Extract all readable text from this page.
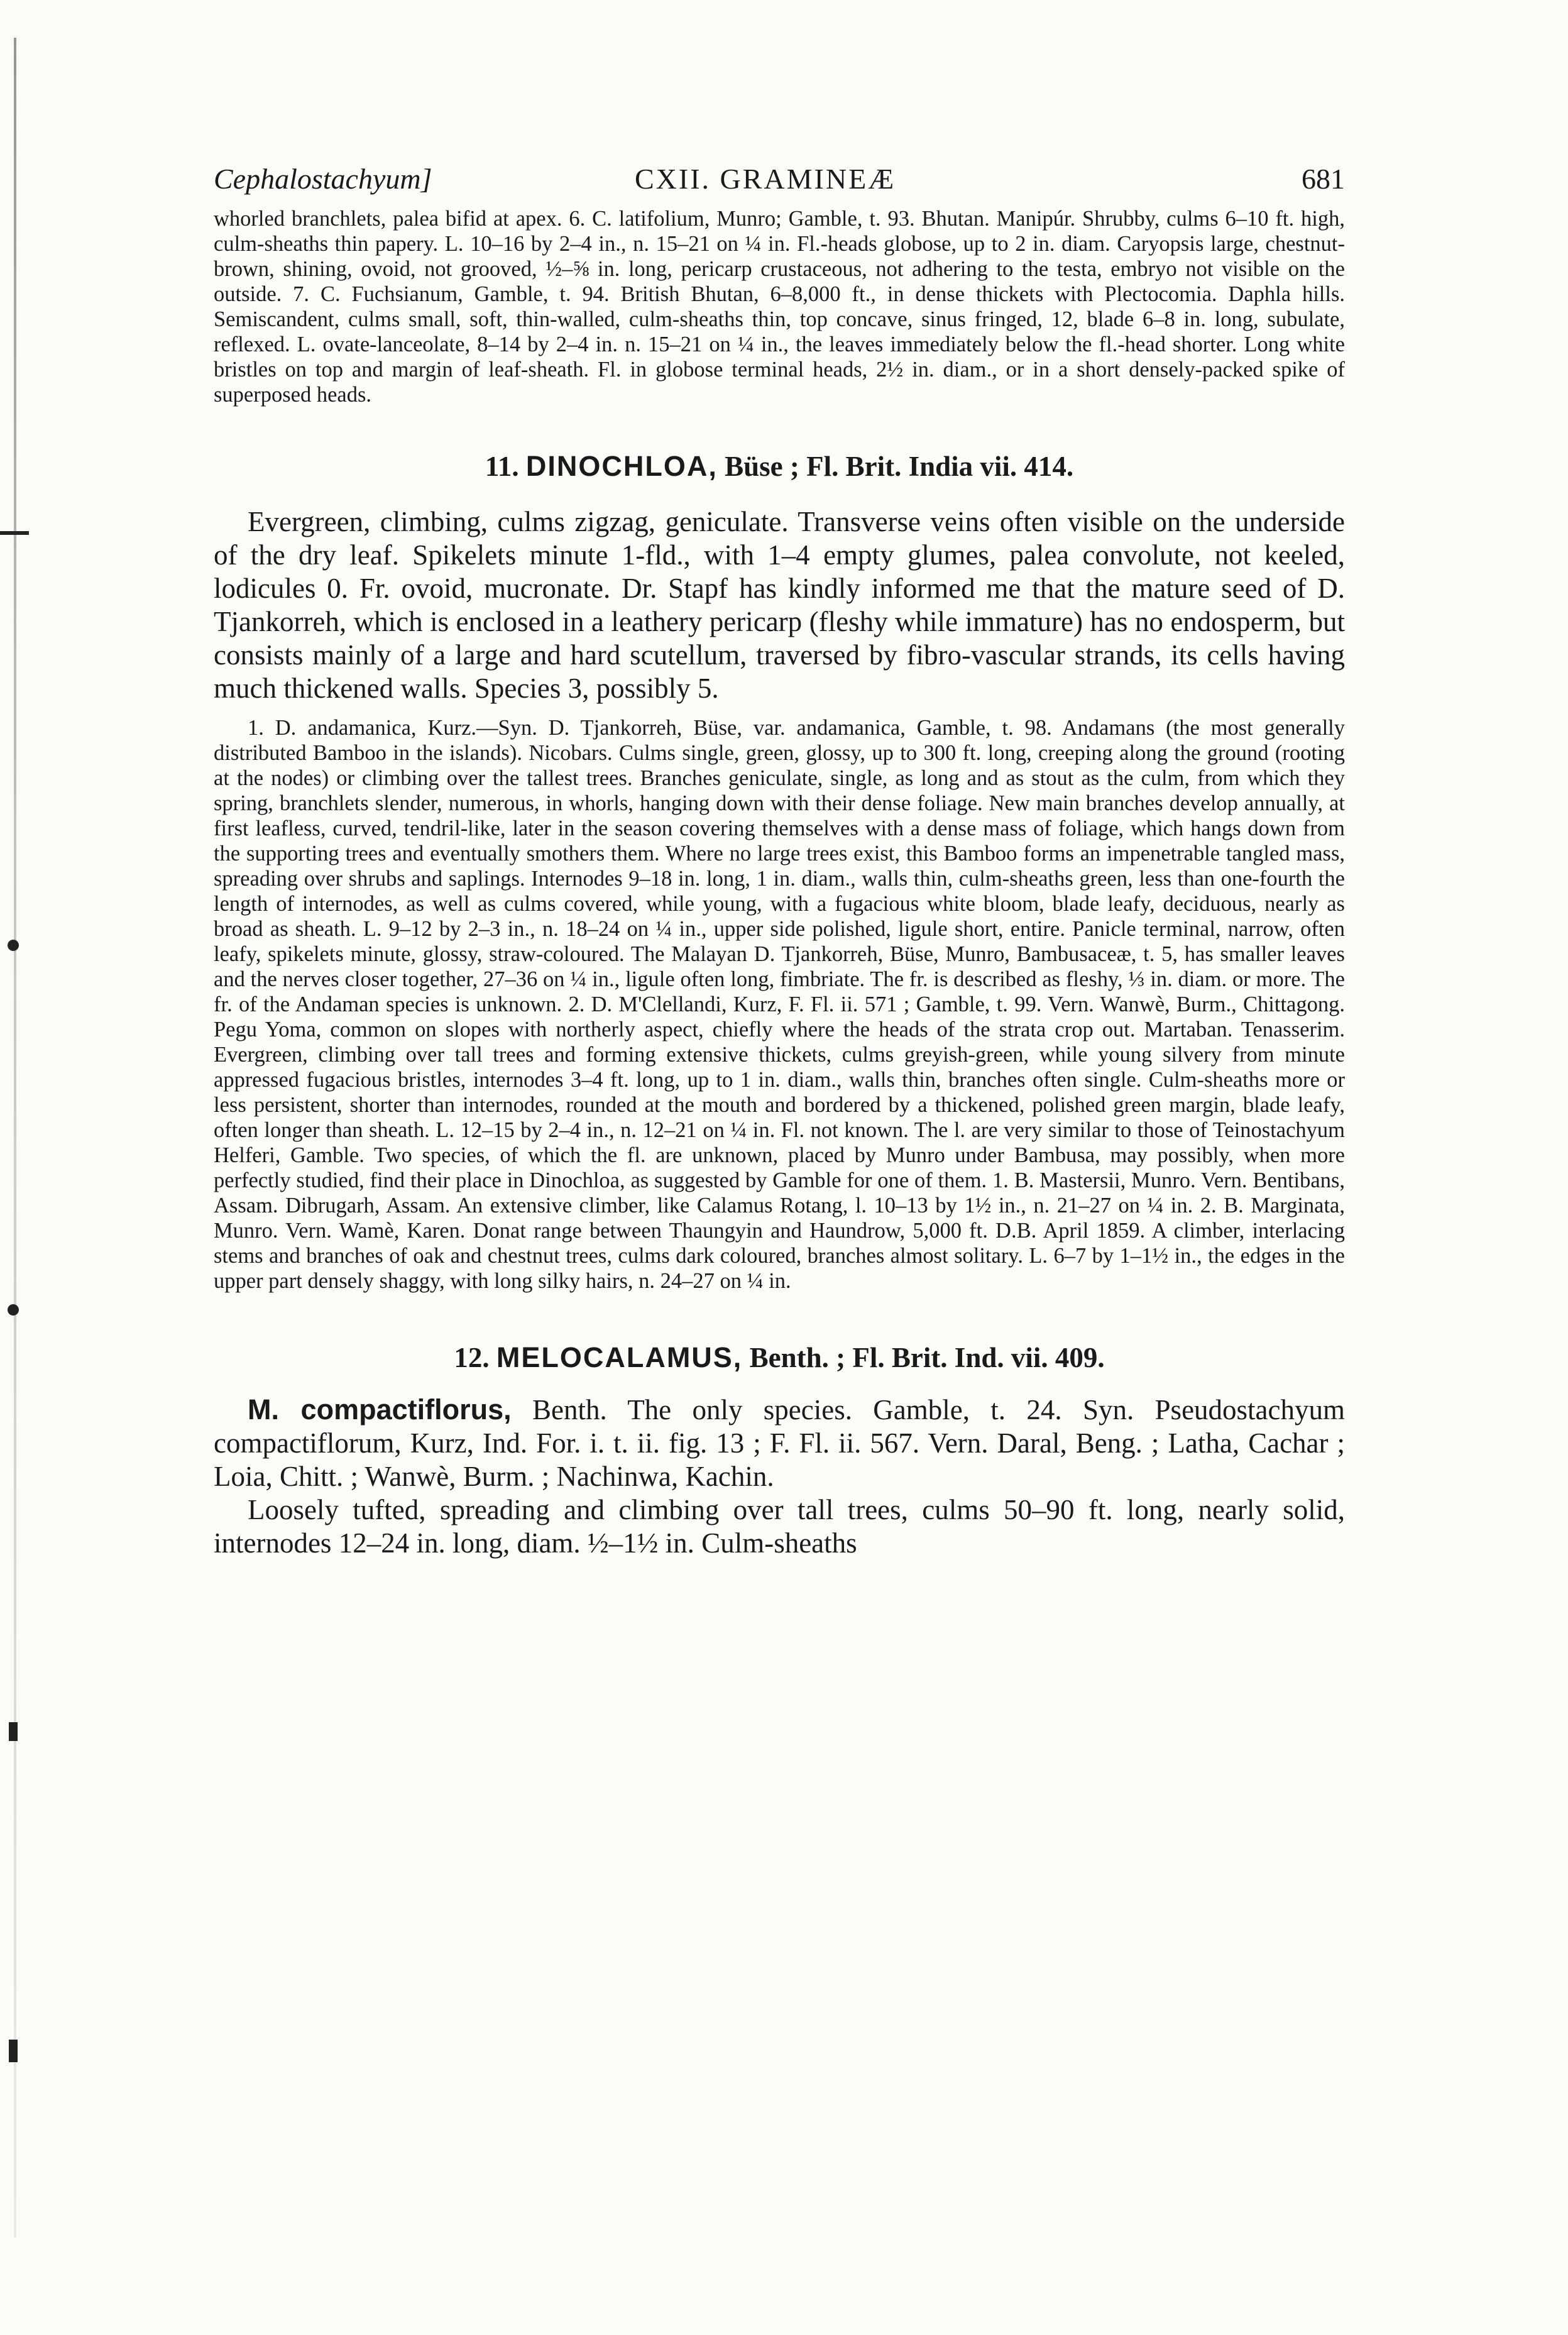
Cephalostachyum]	CXII. GRAMINEÆ	681

whorled branchlets, palea bifid at apex. 6. C. latifolium, Munro; Gamble, t. 93. Bhutan. Manipúr. Shrubby, culms 6–10 ft. high, culm-sheaths thin papery. L. 10–16 by 2–4 in., n. 15–21 on ¼ in. Fl.-heads globose, up to 2 in. diam. Caryopsis large, chestnut-brown, shining, ovoid, not grooved, ½–⅝ in. long, pericarp crustaceous, not adhering to the testa, embryo not visible on the outside. 7. C. Fuchsianum, Gamble, t. 94. British Bhutan, 6–8,000 ft., in dense thickets with Plectocomia. Daphla hills. Semiscandent, culms small, soft, thin-walled, culm-sheaths thin, top concave, sinus fringed, 12, blade 6–8 in. long, subulate, reflexed. L. ovate-lanceolate, 8–14 by 2–4 in. n. 15–21 on ¼ in., the leaves immediately below the fl.-head shorter. Long white bristles on top and margin of leaf-sheath. Fl. in globose terminal heads, 2½ in. diam., or in a short densely-packed spike of superposed heads.

11. DINOCHLOA, Büse ; Fl. Brit. India vii. 414.

Evergreen, climbing, culms zigzag, geniculate. Transverse veins often visible on the underside of the dry leaf. Spikelets minute 1-fld., with 1–4 empty glumes, palea convolute, not keeled, lodicules 0. Fr. ovoid, mucronate. Dr. Stapf has kindly informed me that the mature seed of D. Tjankorreh, which is enclosed in a leathery pericarp (fleshy while immature) has no endosperm, but consists mainly of a large and hard scutellum, traversed by fibro-vascular strands, its cells having much thickened walls. Species 3, possibly 5.

1. D. andamanica, Kurz.—Syn. D. Tjankorreh, Büse, var. andamanica, Gamble, t. 98. Andamans (the most generally distributed Bamboo in the islands). Nicobars. Culms single, green, glossy, up to 300 ft. long, creeping along the ground (rooting at the nodes) or climbing over the tallest trees. Branches geniculate, single, as long and as stout as the culm, from which they spring, branchlets slender, numerous, in whorls, hanging down with their dense foliage. New main branches develop annually, at first leafless, curved, tendril-like, later in the season covering themselves with a dense mass of foliage, which hangs down from the supporting trees and eventually smothers them. Where no large trees exist, this Bamboo forms an impenetrable tangled mass, spreading over shrubs and saplings. Internodes 9–18 in. long, 1 in. diam., walls thin, culm-sheaths green, less than one-fourth the length of internodes, as well as culms covered, while young, with a fugacious white bloom, blade leafy, deciduous, nearly as broad as sheath. L. 9–12 by 2–3 in., n. 18–24 on ¼ in., upper side polished, ligule short, entire. Panicle terminal, narrow, often leafy, spikelets minute, glossy, straw-coloured. The Malayan D. Tjankorreh, Büse, Munro, Bambusaceæ, t. 5, has smaller leaves and the nerves closer together, 27–36 on ¼ in., ligule often long, fimbriate. The fr. is described as fleshy, ⅓ in. diam. or more. The fr. of the Andaman species is unknown. 2. D. M'Clellandi, Kurz, F. Fl. ii. 571 ; Gamble, t. 99. Vern. Wanwè, Burm., Chittagong. Pegu Yoma, common on slopes with northerly aspect, chiefly where the heads of the strata crop out. Martaban. Tenasserim. Evergreen, climbing over tall trees and forming extensive thickets, culms greyish-green, while young silvery from minute appressed fugacious bristles, internodes 3–4 ft. long, up to 1 in. diam., walls thin, branches often single. Culm-sheaths more or less persistent, shorter than internodes, rounded at the mouth and bordered by a thickened, polished green margin, blade leafy, often longer than sheath. L. 12–15 by 2–4 in., n. 12–21 on ¼ in. Fl. not known. The l. are very similar to those of Teinostachyum Helferi, Gamble. Two species, of which the fl. are unknown, placed by Munro under Bambusa, may possibly, when more perfectly studied, find their place in Dinochloa, as suggested by Gamble for one of them. 1. B. Mastersii, Munro. Vern. Bentibans, Assam. Dibrugarh, Assam. An extensive climber, like Calamus Rotang, l. 10–13 by 1½ in., n. 21–27 on ¼ in. 2. B. Marginata, Munro. Vern. Wamè, Karen. Donat range between Thaungyin and Haundrow, 5,000 ft. D.B. April 1859. A climber, interlacing stems and branches of oak and chestnut trees, culms dark coloured, branches almost solitary. L. 6–7 by 1–1½ in., the edges in the upper part densely shaggy, with long silky hairs, n. 24–27 on ¼ in.

12. MELOCALAMUS, Benth. ; Fl. Brit. Ind. vii. 409.

M. compactiflorus, Benth. The only species. Gamble, t. 24. Syn. Pseudostachyum compactiflorum, Kurz, Ind. For. i. t. ii. fig. 13 ; F. Fl. ii. 567. Vern. Daral, Beng. ; Latha, Cachar ; Loia, Chitt. ; Wanwè, Burm. ; Nachinwa, Kachin.

Loosely tufted, spreading and climbing over tall trees, culms 50–90 ft. long, nearly solid, internodes 12–24 in. long, diam. ½–1½ in. Culm-sheaths
